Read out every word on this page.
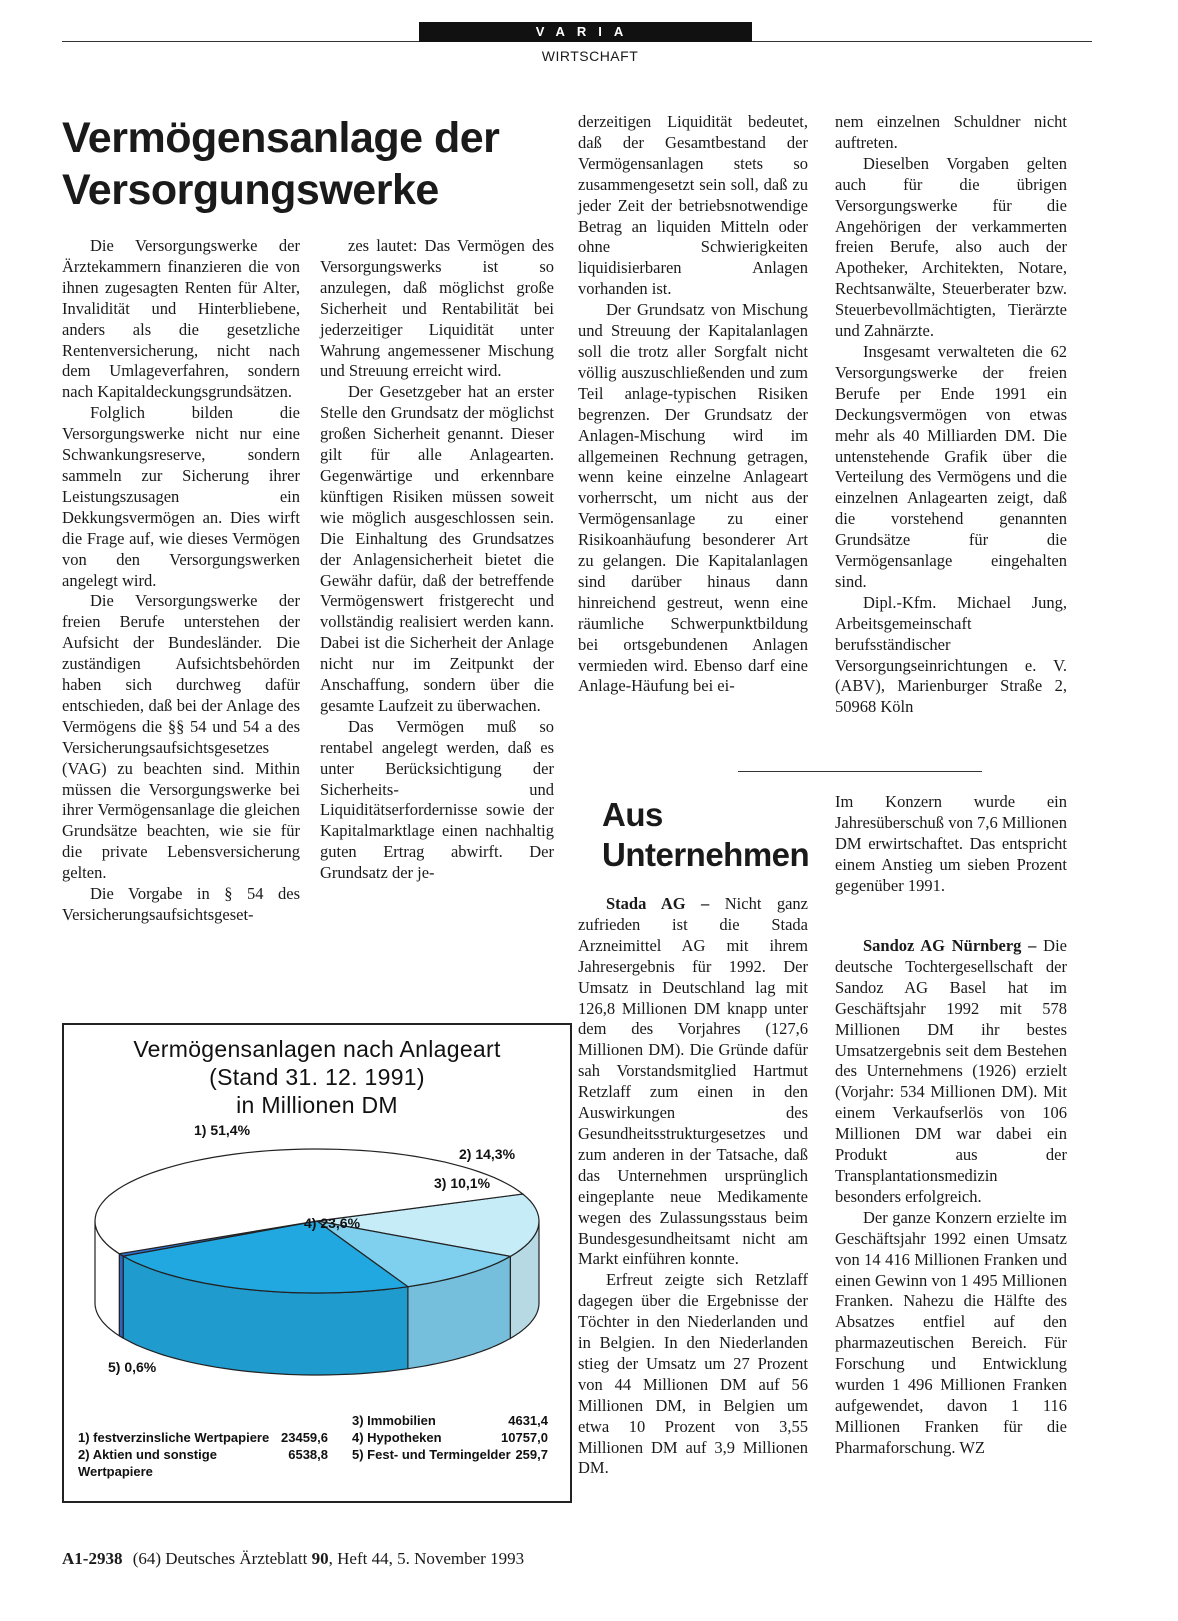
VARIA
WIRTSCHAFT
Vermögensanlage der
Versorgungswerke

Die Versorgungswerke der Ärztekammern finanzieren die von ihnen zugesagten Renten für Alter, Invalidität und Hinterbliebene, anders als die gesetzliche Rentenversicherung, nicht nach dem Umlageverfahren, sondern nach Kapitaldeckungsgrundsätzen.

Folglich bilden die Versorgungswerke nicht nur eine Schwankungsreserve, sondern sammeln zur Sicherung ihrer Leistungszusagen ein Dekkungsvermögen an. Dies wirft die Frage auf, wie dieses Vermögen von den Versorgungswerken angelegt wird.

Die Versorgungswerke der freien Berufe unterstehen der Aufsicht der Bundesländer. Die zuständigen Aufsichtsbehörden haben sich durchweg dafür entschieden, daß bei der Anlage des Vermögens die §§ 54 und 54 a des Versicherungsaufsichtsgesetzes (VAG) zu beachten sind. Mithin müssen die Versorgungswerke bei ihrer Vermögensanlage die gleichen Grundsätze beachten, wie sie für die private Lebensversicherung gelten.

Die Vorgabe in § 54 des Versicherungsaufsichtsgeset-

zes lautet: Das Vermögen des Versorgungswerks ist so anzulegen, daß möglichst große Sicherheit und Rentabilität bei jederzeitiger Liquidität unter Wahrung angemessener Mischung und Streuung erreicht wird.

Der Gesetzgeber hat an erster Stelle den Grundsatz der möglichst großen Sicherheit genannt. Dieser gilt für alle Anlagearten. Gegenwärtige und erkennbare künftigen Risiken müssen soweit wie möglich ausgeschlossen sein. Die Einhaltung des Grundsatzes der Anlagensicherheit bietet die Gewähr dafür, daß der betreffende Vermögenswert fristgerecht und vollständig realisiert werden kann. Dabei ist die Sicherheit der Anlage nicht nur im Zeitpunkt der Anschaffung, sondern über die gesamte Laufzeit zu überwachen.

Das Vermögen muß so rentabel angelegt werden, daß es unter Berücksichtigung der Sicherheits- und Liquiditätserfordernisse sowie der Kapitalmarktlage einen nachhaltig guten Ertrag abwirft. Der Grundsatz der je-

derzeitigen Liquidität bedeutet, daß der Gesamtbestand der Vermögensanlagen stets so zusammengesetzt sein soll, daß zu jeder Zeit der betriebsnotwendige Betrag an liquiden Mitteln oder ohne Schwierigkeiten liquidisierbaren Anlagen vorhanden ist.

Der Grundsatz von Mischung und Streuung der Kapitalanlagen soll die trotz aller Sorgfalt nicht völlig auszuschließenden und zum Teil anlage-typischen Risiken begrenzen. Der Grundsatz der Anlagen-Mischung wird im allgemeinen Rechnung getragen, wenn keine einzelne Anlageart vorherrscht, um nicht aus der Vermögensanlage zu einer Risikoanhäufung besonderer Art zu gelangen. Die Kapitalanlagen sind darüber hinaus dann hinreichend gestreut, wenn eine räumliche Schwerpunktbildung bei ortsgebundenen Anlagen vermieden wird. Ebenso darf eine Anlage-Häufung bei ei-

nem einzelnen Schuldner nicht auftreten.

Dieselben Vorgaben gelten auch für die übrigen Versorgungswerke für die Angehörigen der verkammerten freien Berufe, also auch der Apotheker, Architekten, Notare, Rechtsanwälte, Steuerberater bzw. Steuerbevollmächtigten, Tierärzte und Zahnärzte.

Insgesamt verwalteten die 62 Versorgungswerke der freien Berufe per Ende 1991 ein Deckungsvermögen von etwas mehr als 40 Milliarden DM. Die untenstehende Grafik über die Verteilung des Vermögens und die einzelnen Anlagearten zeigt, daß die vorstehend genannten Grundsätze für die Vermögensanlage eingehalten sind.

Dipl.-Kfm. Michael Jung, Arbeitsgemeinschaft berufsständischer Versorgungseinrichtungen e. V. (ABV), Marienburger Straße 2, 50968 Köln

Vermögensanlagen nach Anlageart
(Stand 31. 12. 1991)
in Millionen DM
1) 51,4%
2) 14,3%
3) 10,1%
4) 23,6%
5) 0,6%
1) festverzinsliche Wertpapiere 23459,6
2) Aktien und sonstige Wertpapiere
6538,8
3) Immobilien	4631,4
4) Hypotheken	10757,0
5) Fest- und Termingelder 259,7
Aus
Unternehmen

Stada AG – Nicht ganz zufrieden ist die Stada Arzneimittel AG mit ihrem Jahresergebnis für 1992. Der Umsatz in Deutschland lag mit 126,8 Millionen DM knapp unter dem des Vorjahres (127,6 Millionen DM). Die Gründe dafür sah Vorstandsmitglied Hartmut Retzlaff zum einen in den Auswirkungen des Gesundheitsstrukturgesetzes und zum anderen in der Tatsache, daß das Unternehmen ursprünglich eingeplante neue Medikamente wegen des Zulassungsstaus beim Bundesgesundheitsamt nicht am Markt einführen konnte.

Erfreut zeigte sich Retzlaff dagegen über die Ergebnisse der Töchter in den Niederlanden und in Belgien. In den Niederlanden stieg der Umsatz um 27 Prozent von 44 Millionen DM auf 56 Millionen DM, in Belgien um etwa 10 Prozent von 3,55 Millionen DM auf 3,9 Millionen DM.

Im Konzern wurde ein Jahresüberschuß von 7,6 Millionen DM erwirtschaftet. Das entspricht einem Anstieg um sieben Prozent gegenüber 1991.

Sandoz AG Nürnberg – Die deutsche Tochtergesellschaft der Sandoz AG Basel hat im Geschäftsjahr 1992 mit 578 Millionen DM ihr bestes Umsatzergebnis seit dem Bestehen des Unternehmens (1926) erzielt (Vorjahr: 534 Millionen DM). Mit einem Verkaufserlös von 106 Millionen DM war dabei ein Produkt aus der Transplantationsmedizin besonders erfolgreich.

Der ganze Konzern erzielte im Geschäftsjahr 1992 einen Umsatz von 14 416 Millionen Franken und einen Gewinn von 1 495 Millionen Franken. Nahezu die Hälfte des Absatzes entfiel auf den pharmazeutischen Bereich. Für Forschung und Entwicklung wurden 1 496 Millionen Franken aufgewendet, davon 1 116 Millionen Franken für die Pharmaforschung. WZ

A1-2938 (64) Deutsches Ärzteblatt 90, Heft 44, 5. November 1993
